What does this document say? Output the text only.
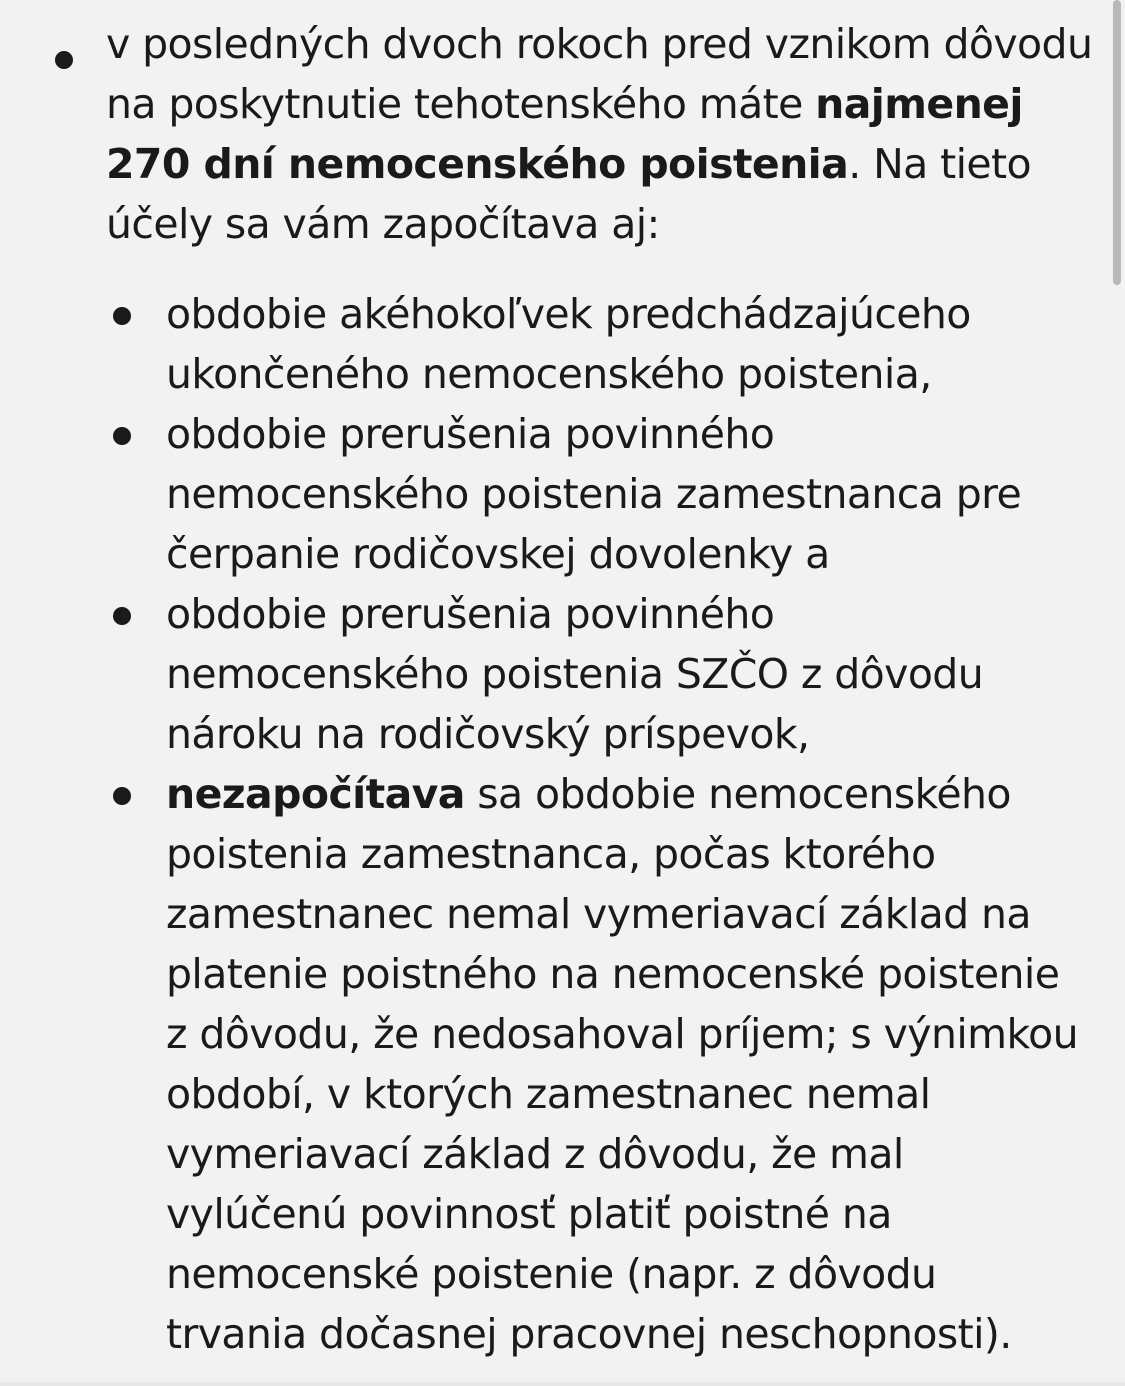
v posledných dvoch rokoch pred vznikom dôvodu na poskytnutie tehotenského máte najmenej 270 dní nemocenského poistenia. Na tieto účely sa vám započítava aj:
obdobie akéhokoľvek predchádzajúceho ukončeného nemocenského poistenia,
obdobie prerušenia povinného nemocenského poistenia zamestnanca pre čerpanie rodičovskej dovolenky a
obdobie prerušenia povinného nemocenského poistenia SZČO z dôvodu nároku na rodičovský príspevok,
nezapočítava sa obdobie nemocenského poistenia zamestnanca, počas ktorého zamestnanec nemal vymeriavací základ na platenie poistného na nemocenské poistenie z dôvodu, že nedosahoval príjem; s výnimkou období, v ktorých zamestnanec nemal vymeriavací základ z dôvodu, že mal vylúčenú povinnosť platiť poistné na nemocenské poistenie (napr. z dôvodu trvania dočasnej pracovnej neschopnosti).
